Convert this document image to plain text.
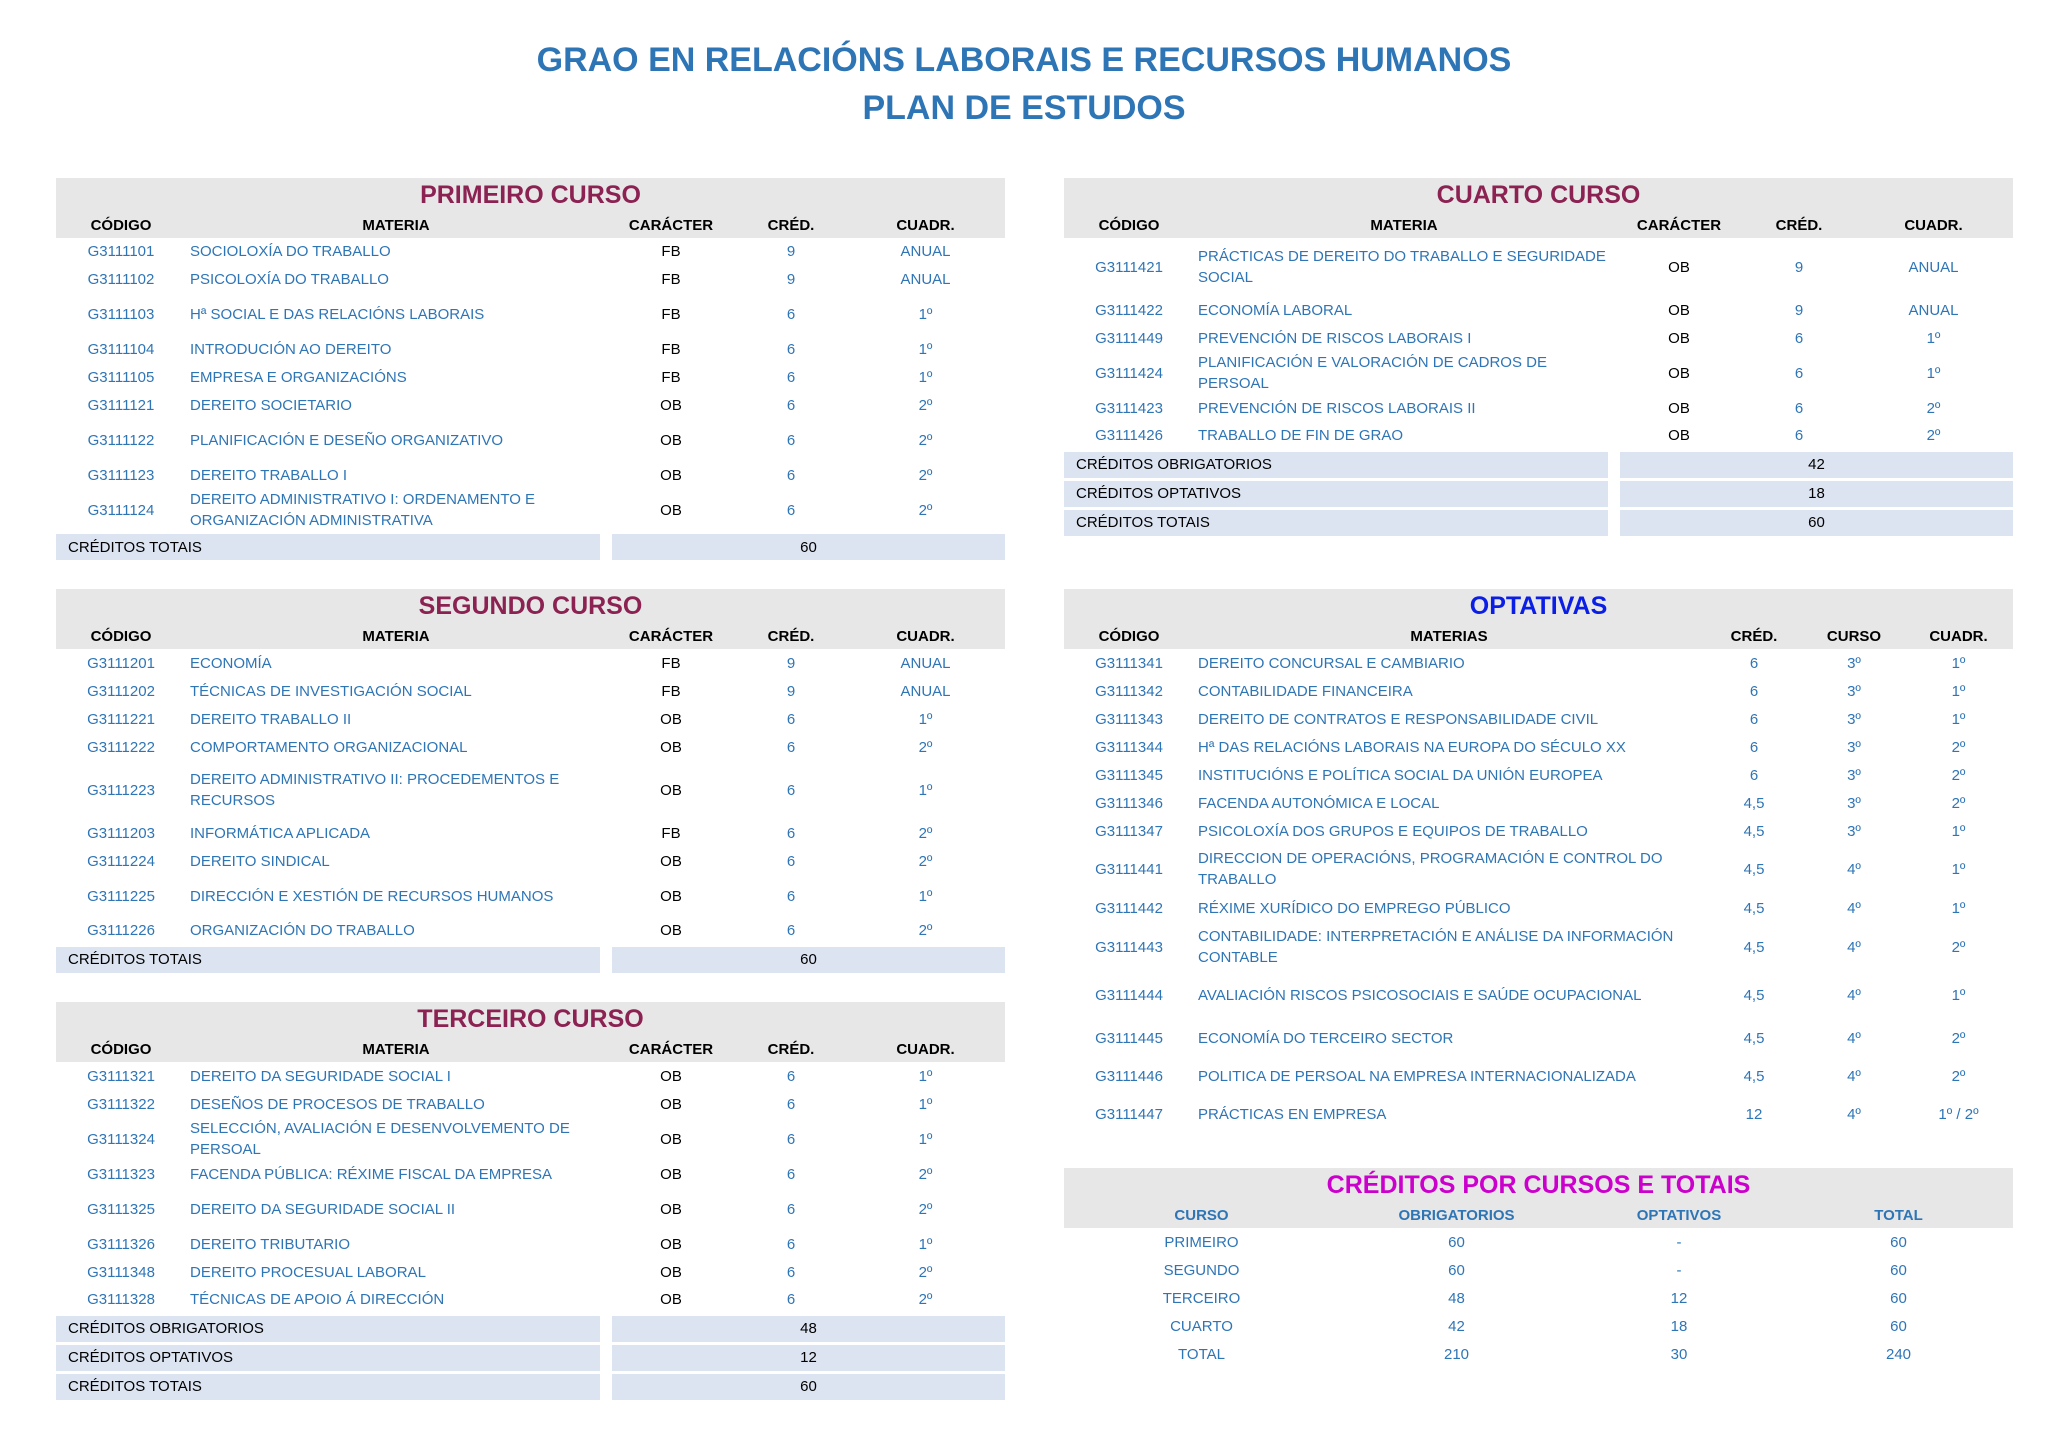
GRAO EN RELACIÓNS LABORAIS E RECURSOS HUMANOS
PLAN DE ESTUDOS
PRIMEIRO CURSO
CÓDIGO	MATERIA	CARÁCTER	CRÉD.	CUADR.
G3111101	SOCIOLOXÍA DO TRABALLO	FB	9	ANUAL
G3111102	PSICOLOXÍA DO TRABALLO	FB	9	ANUAL
G3111103	Hª SOCIAL E DAS RELACIÓNS LABORAIS	FB	6	1º
G3111104	INTRODUCIÓN AO DEREITO	FB	6	1º
G3111105	EMPRESA E ORGANIZACIÓNS	FB	6	1º
G3111121	DEREITO SOCIETARIO	OB	6	2º
G3111122	PLANIFICACIÓN E DESEÑO ORGANIZATIVO	OB	6	2º
G3111123	DEREITO TRABALLO I	OB	6	2º
G3111124	DEREITO ADMINISTRATIVO I: ORDENAMENTO E ORGANIZACIÓN ADMINISTRATIVA	OB	6	2º
CRÉDITOS TOTAIS		60		
SEGUNDO CURSO
CÓDIGO	MATERIA	CARÁCTER	CRÉD.	CUADR.
G3111201	ECONOMÍA	FB	9	ANUAL
G3111202	TÉCNICAS DE INVESTIGACIÓN SOCIAL	FB	9	ANUAL
G3111221	DEREITO TRABALLO II	OB	6	1º
G3111222	COMPORTAMENTO ORGANIZACIONAL	OB	6	2º
G3111223	DEREITO ADMINISTRATIVO II: PROCEDEMENTOS E RECURSOS	OB	6	1º
G3111203	INFORMÁTICA APLICADA	FB	6	2º
G3111224	DEREITO SINDICAL	OB	6	2º
G3111225	DIRECCIÓN E XESTIÓN DE RECURSOS HUMANOS	OB	6	1º
G3111226	ORGANIZACIÓN DO TRABALLO	OB	6	2º
CRÉDITOS TOTAIS		60		
TERCEIRO CURSO
CÓDIGO	MATERIA	CARÁCTER	CRÉD.	CUADR.
G3111321	DEREITO DA SEGURIDADE SOCIAL I	OB	6	1º
G3111322	DESEÑOS DE PROCESOS DE TRABALLO	OB	6	1º
G3111324	SELECCIÓN, AVALIACIÓN E DESENVOLVEMENTO DE PERSOAL	OB	6	1º
G3111323	FACENDA PÚBLICA: RÉXIME FISCAL DA EMPRESA	OB	6	2º
G3111325	DEREITO DA SEGURIDADE SOCIAL II	OB	6	2º
G3111326	DEREITO TRIBUTARIO	OB	6	1º
G3111348	DEREITO PROCESUAL LABORAL	OB	6	2º
G3111328	TÉCNICAS DE APOIO Á DIRECCIÓN	OB	6	2º
CRÉDITOS OBRIGATORIOS		48		
CRÉDITOS OPTATIVOS		12		
CRÉDITOS TOTAIS		60		
CUARTO CURSO
CÓDIGO	MATERIA	CARÁCTER	CRÉD.	CUADR.
G3111421	PRÁCTICAS DE DEREITO DO TRABALLO E SEGURIDADE SOCIAL	OB	9	ANUAL
G3111422	ECONOMÍA LABORAL	OB	9	ANUAL
G3111449	PREVENCIÓN DE RISCOS LABORAIS I	OB	6	1º
G3111424	PLANIFICACIÓN E VALORACIÓN DE CADROS DE PERSOAL	OB	6	1º
G3111423	PREVENCIÓN DE RISCOS LABORAIS II	OB	6	2º
G3111426	TRABALLO DE FIN DE GRAO	OB	6	2º
CRÉDITOS OBRIGATORIOS		42		
CRÉDITOS OPTATIVOS		18		
CRÉDITOS TOTAIS		60		
OPTATIVAS
CÓDIGO	MATERIAS	CRÉD.	CURSO	CUADR.
G3111341	DEREITO CONCURSAL E CAMBIARIO	6	3º	1º
G3111342	CONTABILIDADE FINANCEIRA	6	3º	1º
G3111343	DEREITO DE CONTRATOS E RESPONSABILIDADE CIVIL	6	3º	1º
G3111344	Hª DAS RELACIÓNS LABORAIS NA EUROPA DO SÉCULO XX	6	3º	2º
G3111345	INSTITUCIÓNS E POLÍTICA SOCIAL DA UNIÓN EUROPEA	6	3º	2º
G3111346	FACENDA AUTONÓMICA E LOCAL	4,5	3º	2º
G3111347	PSICOLOXÍA DOS GRUPOS E EQUIPOS DE TRABALLO	4,5	3º	1º
G3111441	DIRECCION DE OPERACIÓNS, PROGRAMACIÓN E CONTROL DO TRABALLO	4,5	4º	1º
G3111442	RÉXIME XURÍDICO DO EMPREGO PÚBLICO	4,5	4º	1º
G3111443	CONTABILIDADE: INTERPRETACIÓN E ANÁLISE DA INFORMACIÓN CONTABLE	4,5	4º	2º
G3111444	AVALIACIÓN RISCOS PSICOSOCIAIS E SAÚDE OCUPACIONAL	4,5	4º	1º
G3111445	ECONOMÍA DO TERCEIRO SECTOR	4,5	4º	2º
G3111446	POLITICA DE PERSOAL NA EMPRESA INTERNACIONALIZADA	4,5	4º	2º
G3111447	PRÁCTICAS EN EMPRESA	12	4º	1º / 2º
CRÉDITOS POR CURSOS E TOTAIS
CURSO	OBRIGATORIOS	OPTATIVOS	TOTAL
PRIMEIRO	60	-	60
SEGUNDO	60	-	60
TERCEIRO	48	12	60
CUARTO	42	18	60
TOTAL	210	30	240
